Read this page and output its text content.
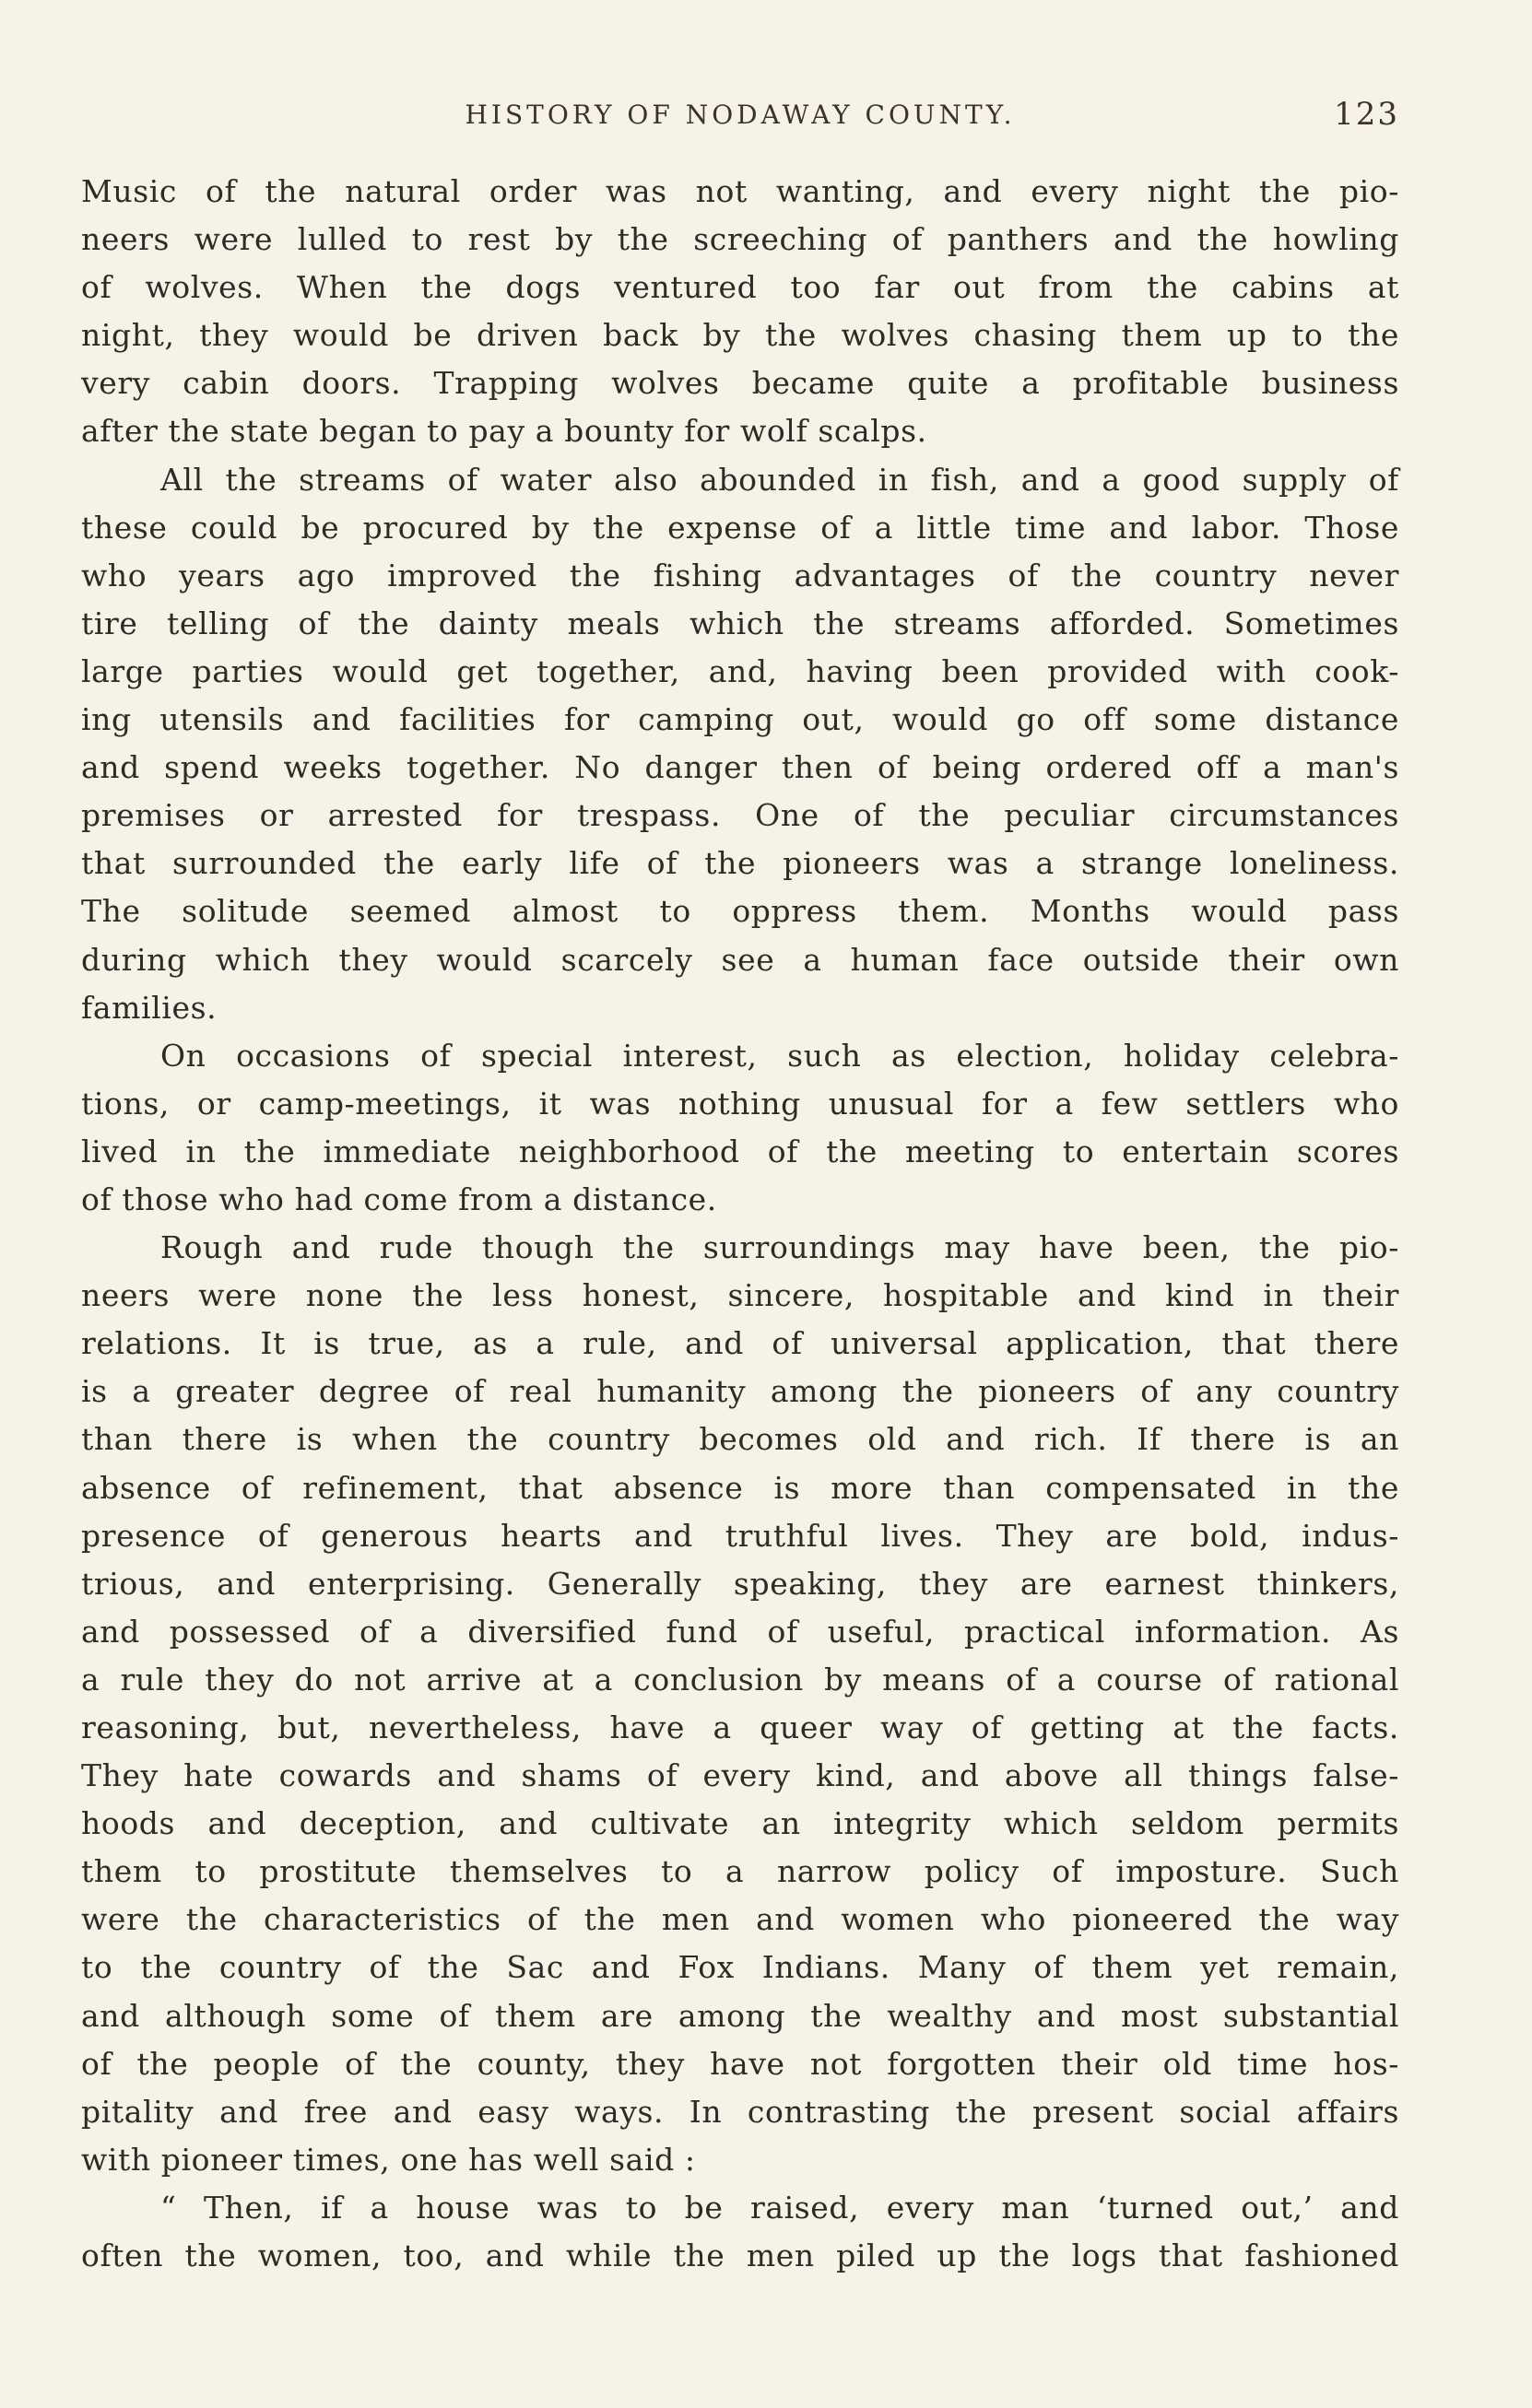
HISTORY OF NODAWAY COUNTY.	123
Music of the natural order was not wanting, and every night the pio-
neers were lulled to rest by the screeching of panthers and the howling
of wolves. When the dogs ventured too far out from the cabins at
night, they would be driven back by the wolves chasing them up to the
very cabin doors. Trapping wolves became quite a profitable business
after the state began to pay a bounty for wolf scalps.
All the streams of water also abounded in fish, and a good supply of
these could be procured by the expense of a little time and labor. Those
who years ago improved the fishing advantages of the country never
tire telling of the dainty meals which the streams afforded. Sometimes
large parties would get together, and, having been provided with cook-
ing utensils and facilities for camping out, would go off some distance
and spend weeks together. No danger then of being ordered off a man's
premises or arrested for trespass. One of the peculiar circumstances
that surrounded the early life of the pioneers was a strange loneliness.
The solitude seemed almost to oppress them. Months would pass
during which they would scarcely see a human face outside their own
families.
On occasions of special interest, such as election, holiday celebra-
tions, or camp-meetings, it was nothing unusual for a few settlers who
lived in the immediate neighborhood of the meeting to entertain scores
of those who had come from a distance.
Rough and rude though the surroundings may have been, the pio-
neers were none the less honest, sincere, hospitable and kind in their
relations. It is true, as a rule, and of universal application, that there
is a greater degree of real humanity among the pioneers of any country
than there is when the country becomes old and rich. If there is an
absence of refinement, that absence is more than compensated in the
presence of generous hearts and truthful lives. They are bold, indus-
trious, and enterprising. Generally speaking, they are earnest thinkers,
and possessed of a diversified fund of useful, practical information. As
a rule they do not arrive at a conclusion by means of a course of rational
reasoning, but, nevertheless, have a queer way of getting at the facts.
They hate cowards and shams of every kind, and above all things false-
hoods and deception, and cultivate an integrity which seldom permits
them to prostitute themselves to a narrow policy of imposture. Such
were the characteristics of the men and women who pioneered the way
to the country of the Sac and Fox Indians. Many of them yet remain,
and although some of them are among the wealthy and most substantial
of the people of the county, they have not forgotten their old time hos-
pitality and free and easy ways. In contrasting the present social affairs
with pioneer times, one has well said :
“ Then, if a house was to be raised, every man ‘turned out,’ and
often the women, too, and while the men piled up the logs that fashioned
